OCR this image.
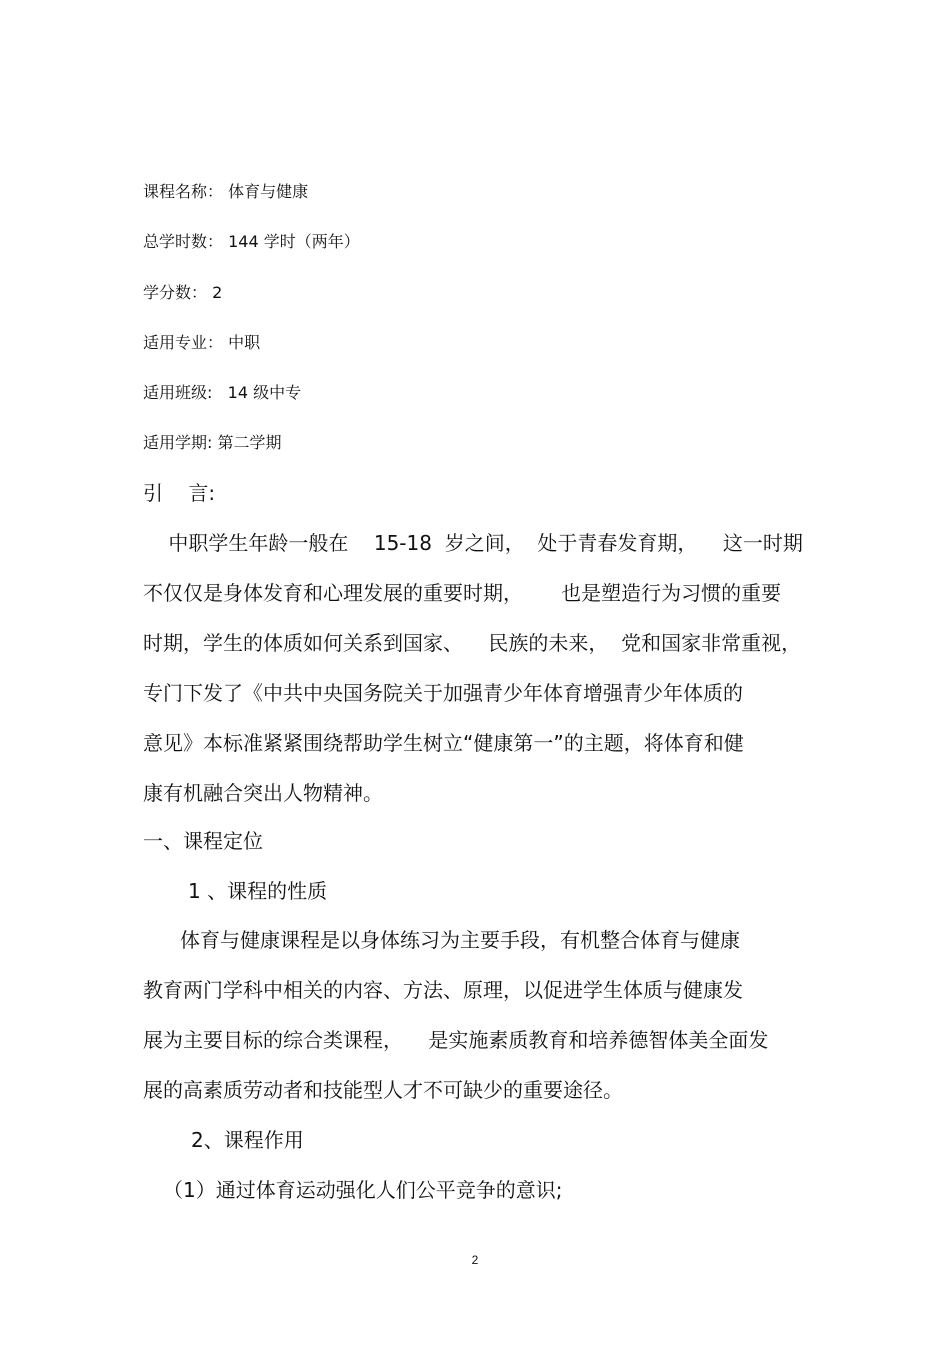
课程名称： 体育与健康
总学时数： 144 学时（两年）
学分数： 2
适用专业： 中职
适用班级:   14 级中专
适用学期: 第二学期
引    言:
中职学生年龄一般在    15-18  岁之间，  处于青春发育期，    这一时期
不仅仅是身体发育和心理发展的重要时期，      也是塑造行为习惯的重要
时期，学生的体质如何关系到国家、    民族的未来，  党和国家非常重视，
专门下发了《中共中央国务院关于加强青少年体育增强青少年体质的
意见》本标准紧紧围绕帮助学生树立“健康第一”的主题，将体育和健
康有机融合突出人物精神。
一、课程定位
1 、课程的性质
体育与健康课程是以身体练习为主要手段，有机整合体育与健康
教育两门学科中相关的内容、方法、原理，以促进学生体质与健康发
展为主要目标的综合类课程，    是实施素质教育和培养德智体美全面发
展的高素质劳动者和技能型人才不可缺少的重要途径。
2、课程作用
（1）通过体育运动强化人们公平竞争的意识;
2
